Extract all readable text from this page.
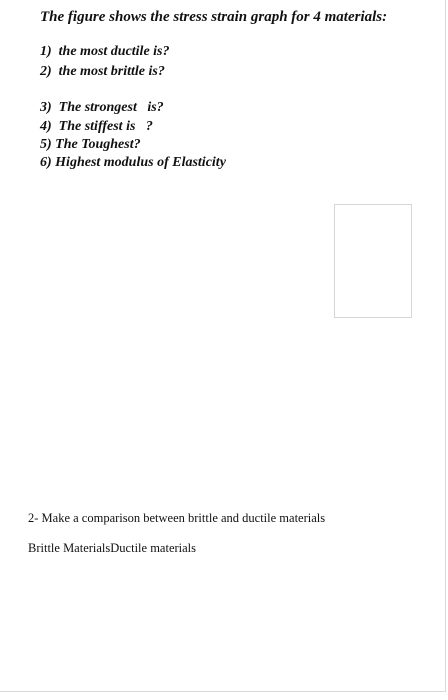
The figure shows the stress strain graph for 4 materials:
1)  the most ductile is?
2)  the most brittle is?
3)  The strongest   is?
4)  The stiffest is   ?
5) The Toughest?
6) Highest modulus of Elasticity
2- Make a comparison between brittle and ductile materials
Brittle Materials Ductile materials
